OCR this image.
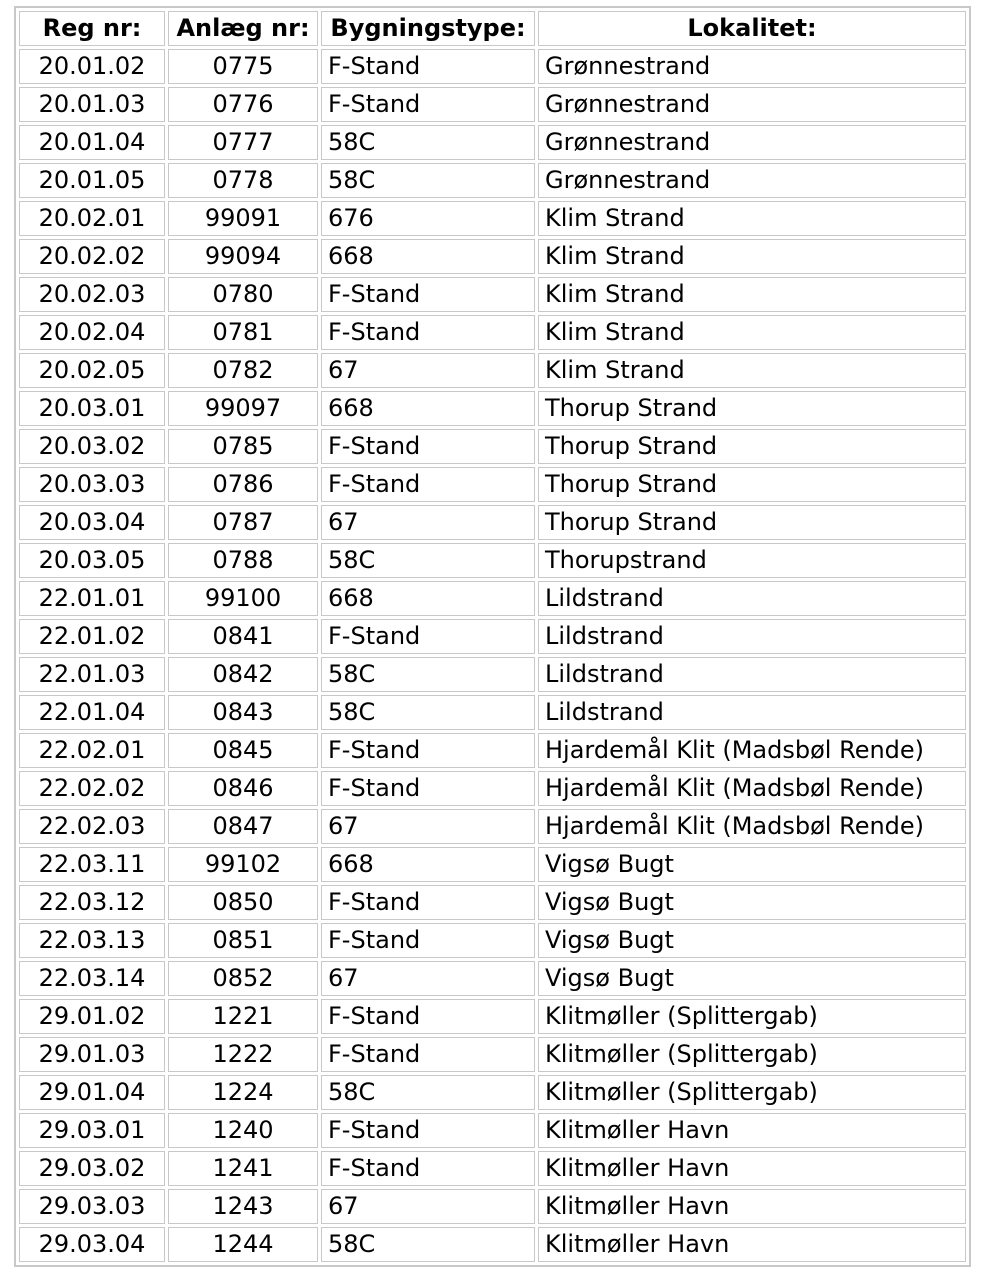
Reg nr:	Anlæg nr:	Bygningstype:	Lokalitet:
20.01.02	0775	F-Stand	Grønnestrand
20.01.03	0776	F-Stand	Grønnestrand
20.01.04	0777	58C	Grønnestrand
20.01.05	0778	58C	Grønnestrand
20.02.01	99091	676	Klim Strand
20.02.02	99094	668	Klim Strand
20.02.03	0780	F-Stand	Klim Strand
20.02.04	0781	F-Stand	Klim Strand
20.02.05	0782	67	Klim Strand
20.03.01	99097	668	Thorup Strand
20.03.02	0785	F-Stand	Thorup Strand
20.03.03	0786	F-Stand	Thorup Strand
20.03.04	0787	67	Thorup Strand
20.03.05	0788	58C	Thorupstrand
22.01.01	99100	668	Lildstrand
22.01.02	0841	F-Stand	Lildstrand
22.01.03	0842	58C	Lildstrand
22.01.04	0843	58C	Lildstrand
22.02.01	0845	F-Stand	Hjardemål Klit (Madsbøl Rende)
22.02.02	0846	F-Stand	Hjardemål Klit (Madsbøl Rende)
22.02.03	0847	67	Hjardemål Klit (Madsbøl Rende)
22.03.11	99102	668	Vigsø Bugt
22.03.12	0850	F-Stand	Vigsø Bugt
22.03.13	0851	F-Stand	Vigsø Bugt
22.03.14	0852	67	Vigsø Bugt
29.01.02	1221	F-Stand	Klitmøller (Splittergab)
29.01.03	1222	F-Stand	Klitmøller (Splittergab)
29.01.04	1224	58C	Klitmøller (Splittergab)
29.03.01	1240	F-Stand	Klitmøller Havn
29.03.02	1241	F-Stand	Klitmøller Havn
29.03.03	1243	67	Klitmøller Havn
29.03.04	1244	58C	Klitmøller Havn
